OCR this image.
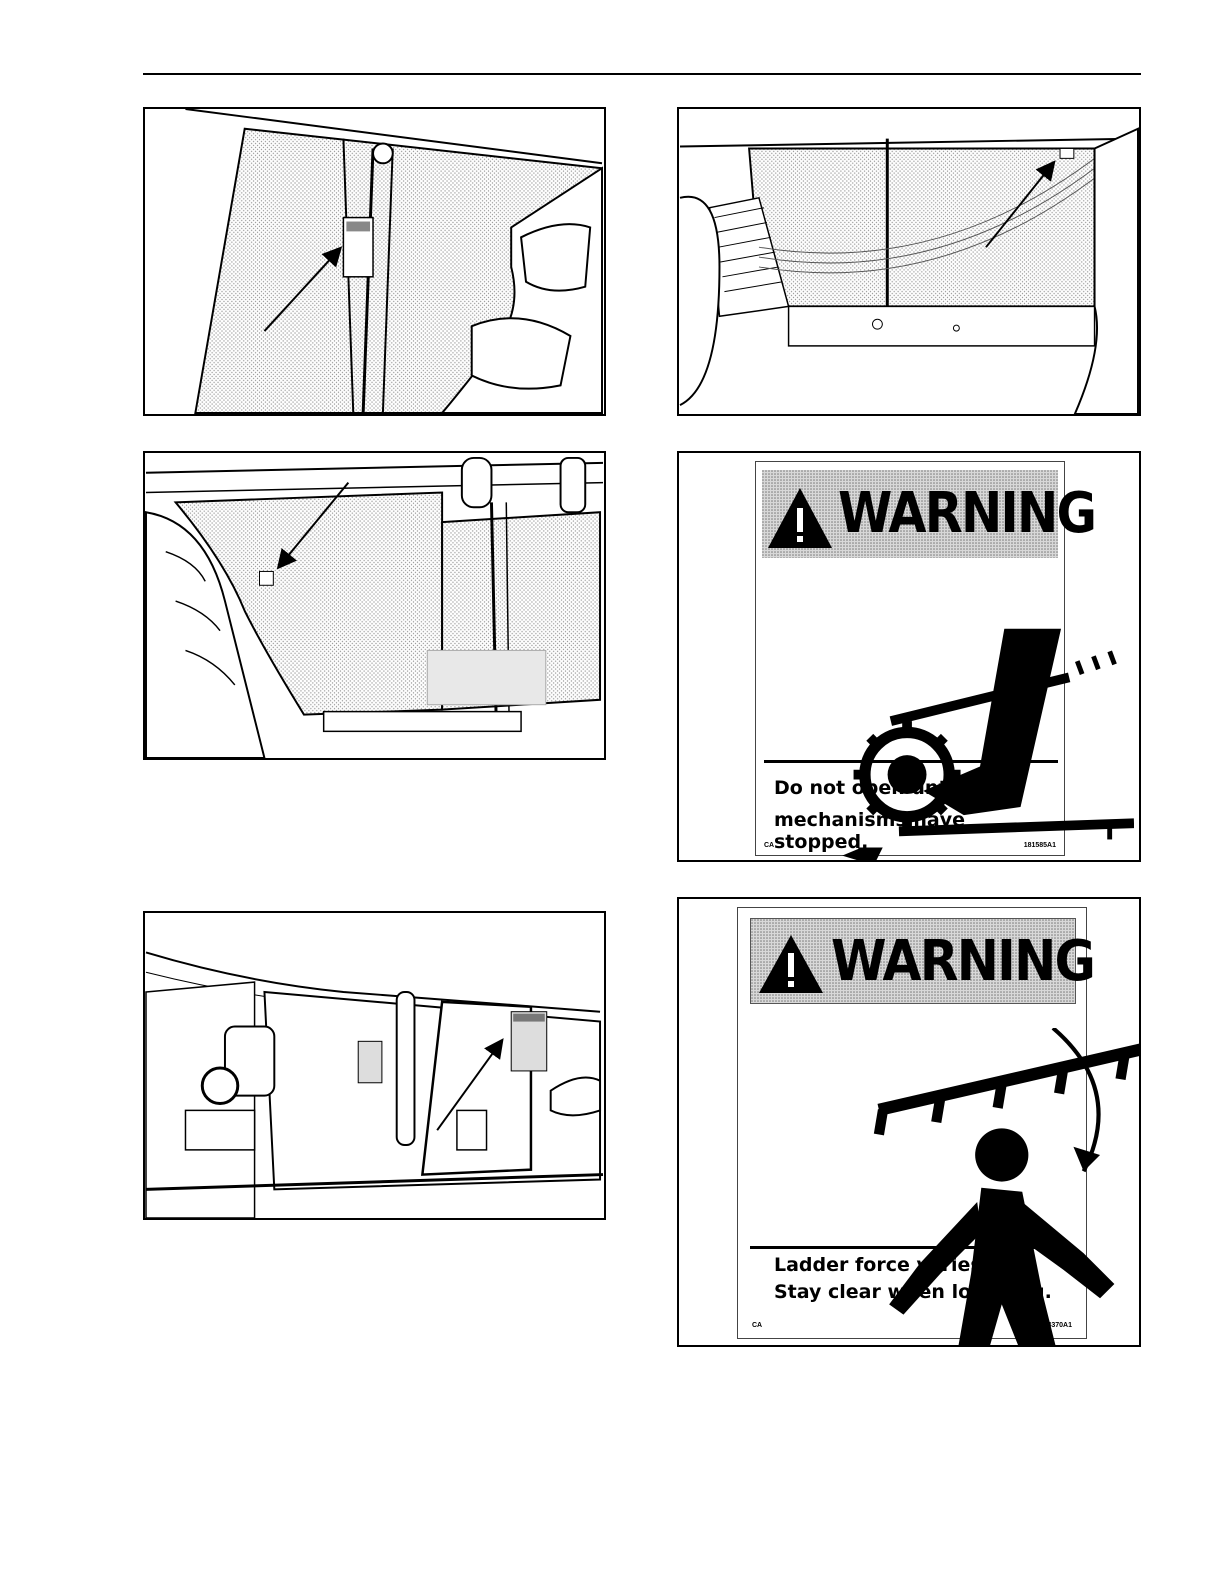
WARNING
Do not open until all
mechanisms have stopped.
CA	181585A1
WARNING
Ladder force varies.
Stay clear when lowering.
CA	144370A1
